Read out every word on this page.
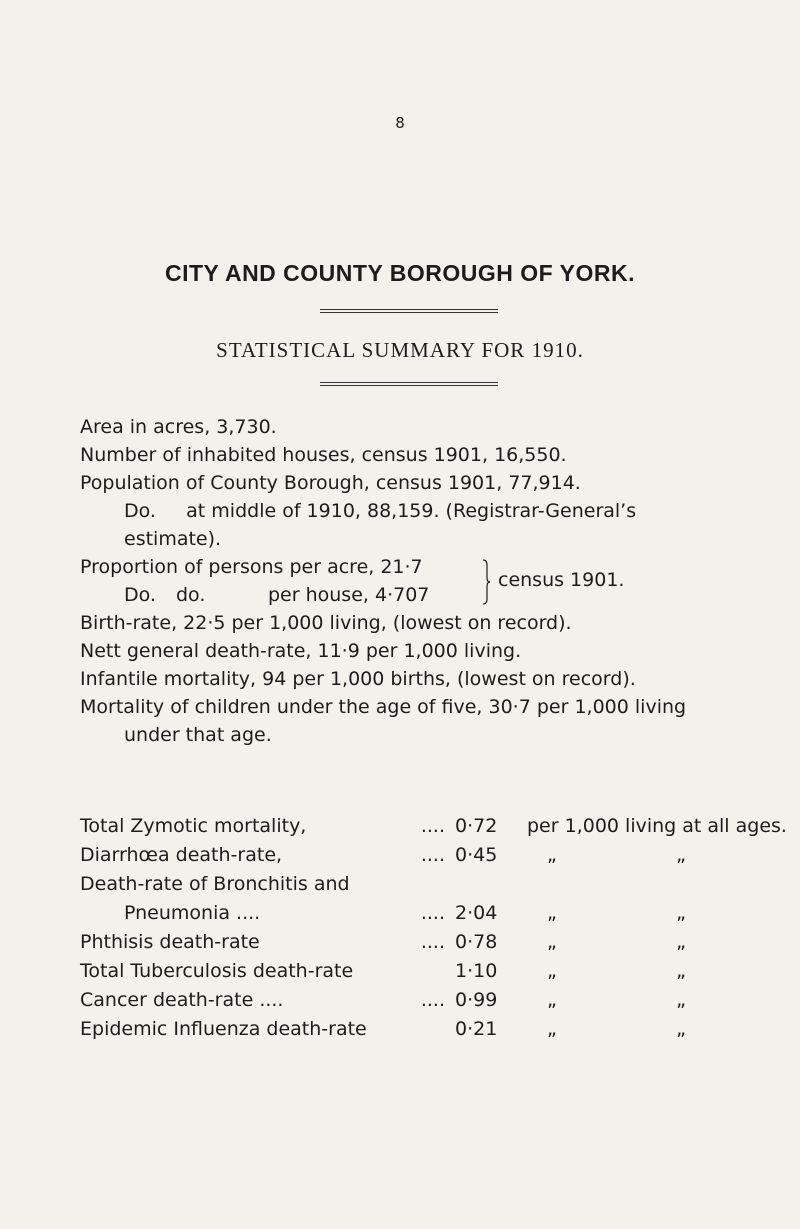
8
CITY AND COUNTY BOROUGH OF YORK.
STATISTICAL SUMMARY FOR 1910.
Area in acres, 3,730.
Number of inhabited houses, census 1901, 16,550.
Population of County Borough, census 1901, 77,914.
Do.     at middle of 1910, 88,159. (Registrar-General’s
estimate).
Proportion of persons per acre, 21·7
Do. do.	per house, 4·707
census 1901.
Birth-rate, 22·5 per 1,000 living, (lowest on record).
Nett general death-rate, 11·9 per 1,000 living.
Infantile mortality, 94 per 1,000 births, (lowest on record).
Mortality of children under the age of five, 30·7 per 1,000 living
under that age.
Total Zymotic mortality, ....	0·72	per 1,000 living at all ages.	
Diarrhœa death-rate, ....	0·45	„	„
Death-rate of Bronchitis and			
Pneumonia .... ....	2·04	„	„
Phthisis death-rate ....	0·78	„	„
Total Tuberculosis death-rate	1·10	„	„
Cancer death-rate .... ....	0·99	„	„
Epidemic Influenza death-rate	0·21	„	„
